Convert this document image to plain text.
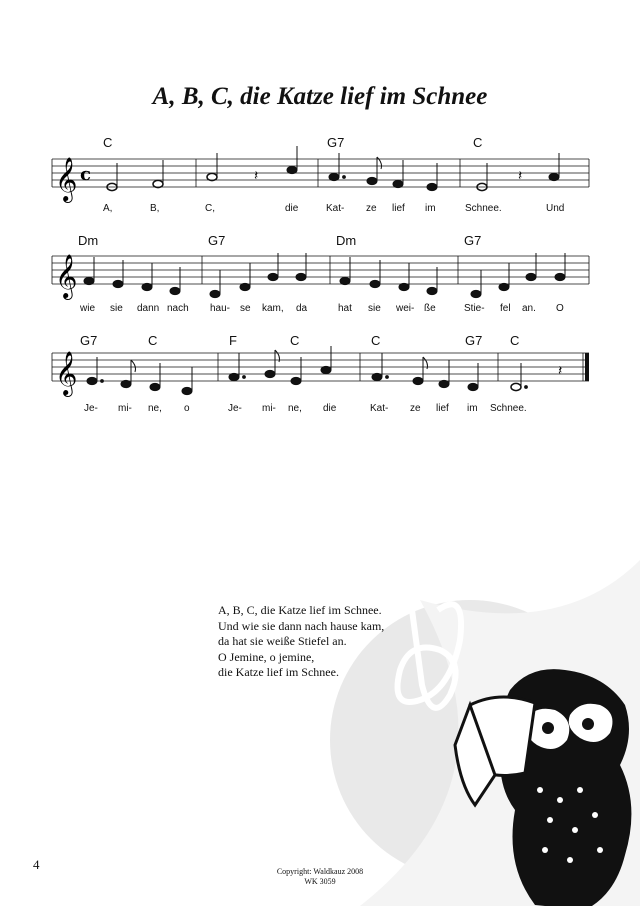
A, B, C, die Katze lief im Schnee
𝄞 c
C	G7	C
𝄽	𝄽
A,	B,	C,	die	Kat- ze lief im	Schnee.	Und
𝄞
Dm	G7	Dm	G7
wie sie dann nach hau- se kam, da	hat sie wei- ße	Stie- fel an. O
𝄞
G7	C	F	C	C	G7 C
𝄽
Je- mi- ne, o	Je- mi- ne, die	Kat- ze lief im Schnee.
A, B, C, die Katze lief im Schnee.
Und wie sie dann nach hause kam,
da hat sie weiße Stiefel an.
O Jemine, o jemine,
die Katze lief im Schnee.
4	Copyright: Waldkauz 2008
WK 3059
